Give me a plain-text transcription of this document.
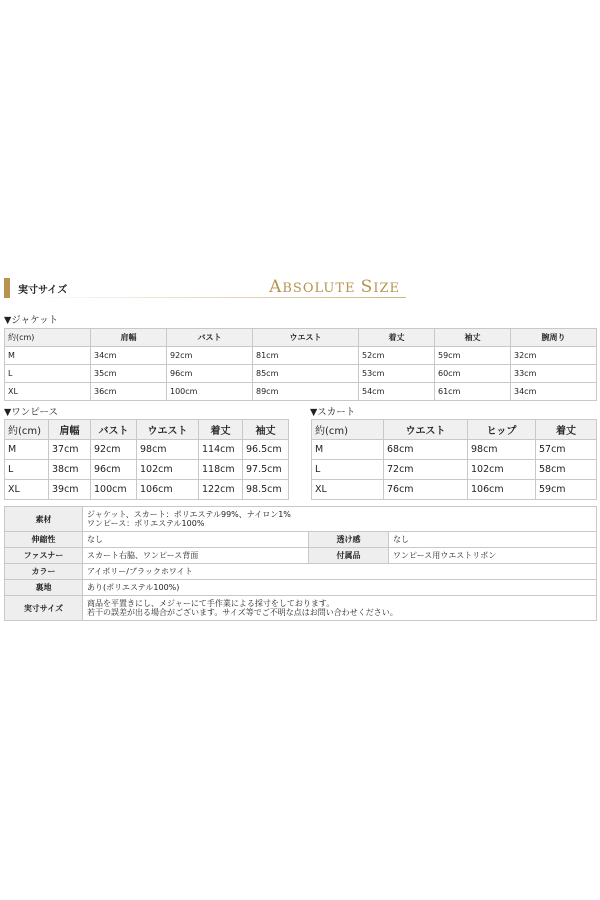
実寸サイズ	ABSOLUTE SIZE
▼ジャケット
約(cm)	肩幅	バスト	ウエスト	着丈	袖丈	腕周り
M	34cm	92cm	81cm	52cm	59cm	32cm
L	35cm	96cm	85cm	53cm	60cm	33cm
XL	36cm	100cm	89cm	54cm	61cm	34cm
▼ワンピース
約(cm)	肩幅	バスト	ウエスト	着丈	袖丈
M	37cm	92cm	98cm	114cm	96.5cm
L	38cm	96cm	102cm	118cm	97.5cm
XL	39cm	100cm	106cm	122cm	98.5cm
▼スカート
約(cm)	ウエスト	ヒップ	着丈
M	68cm	98cm	57cm
L	72cm	102cm	58cm
XL	76cm	106cm	59cm
素材	ジャケット、スカート：ポリエステル99%、ナイロン1%
ワンピース：ポリエステル100%		

伸縮性	なし	透け感	なし
ファスナー	スカート右脇、ワンピース背面	付属品	ワンピース用ウエストリボン
カラー	アイボリー/ブラックホワイト		
裏地	あり(ポリエステル100%)		
実寸サイズ	商品を平置きにし、メジャーにて手作業による採寸をしております。
若干の誤差が出る場合がございます。サイズ等でご不明な点はお問い合わせください。		
